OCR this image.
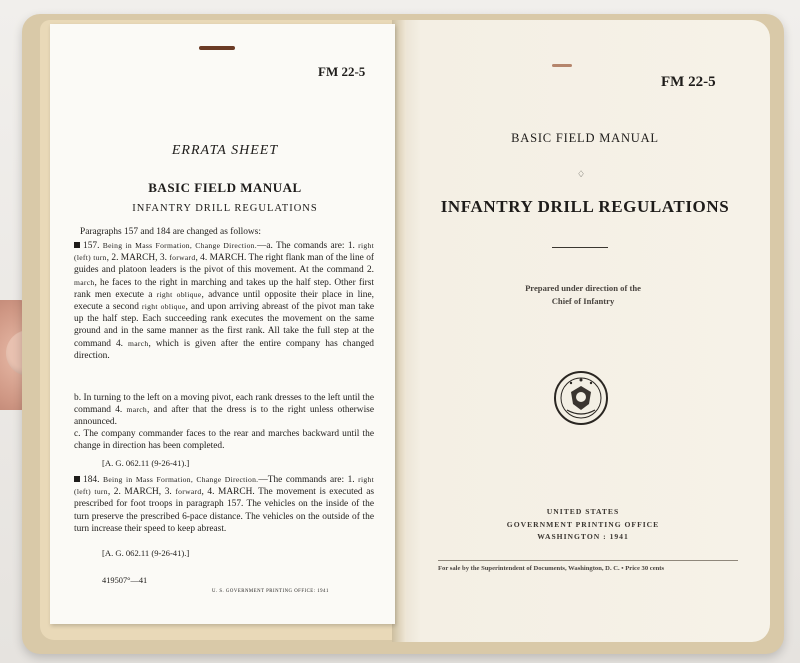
FM 22-5
ERRATA SHEET
BASIC FIELD MANUAL
INFANTRY DRILL REGULATIONS

Paragraphs 157 and 184 are changed as follows:

157. Being in Mass Formation, Change Direction.—a. The comands are: 1. right (left) turn, 2. MARCH, 3. forward, 4. MARCH. The right flank man of the line of guides and platoon leaders is the pivot of this movement. At the command 2. march, he faces to the right in marching and takes up the half step. Other first rank men execute a right oblique, advance until opposite their place in line, execute a second right oblique, and upon arriving abreast of the pivot man take up the half step. Each succeeding rank executes the movement on the same ground and in the same manner as the first rank. All take the full step at the command 4. march, which is given after the entire company has changed direction.

b. In turning to the left on a moving pivot, each rank dresses to the left until the command 4. march, and after that the dress is to the right unless otherwise announced.

c. The company commander faces to the rear and marches backward until the change in direction has been completed.

[A. G. 062.11 (9-26-41).]

184. Being in Mass Formation, Change Direction.—The commands are: 1. right (left) turn, 2. MARCH, 3. forward, 4. MARCH. The movement is executed as prescribed for foot troops in paragraph 157. The vehicles on the inside of the turn preserve the prescribed 6-pace distance. The vehicles on the outside of the turn increase their speed to keep abreast.

[A. G. 062.11 (9-26-41).]
419507°—41
U. S. GOVERNMENT PRINTING OFFICE: 1941
FM 22-5
BASIC FIELD MANUAL
♢
INFANTRY DRILL REGULATIONS
Prepared under direction of the
Chief of Infantry
UNITED STATES
GOVERNMENT PRINTING OFFICE
WASHINGTON : 1941
For sale by the Superintendent of Documents, Washington, D. C. • Price 30 cents
